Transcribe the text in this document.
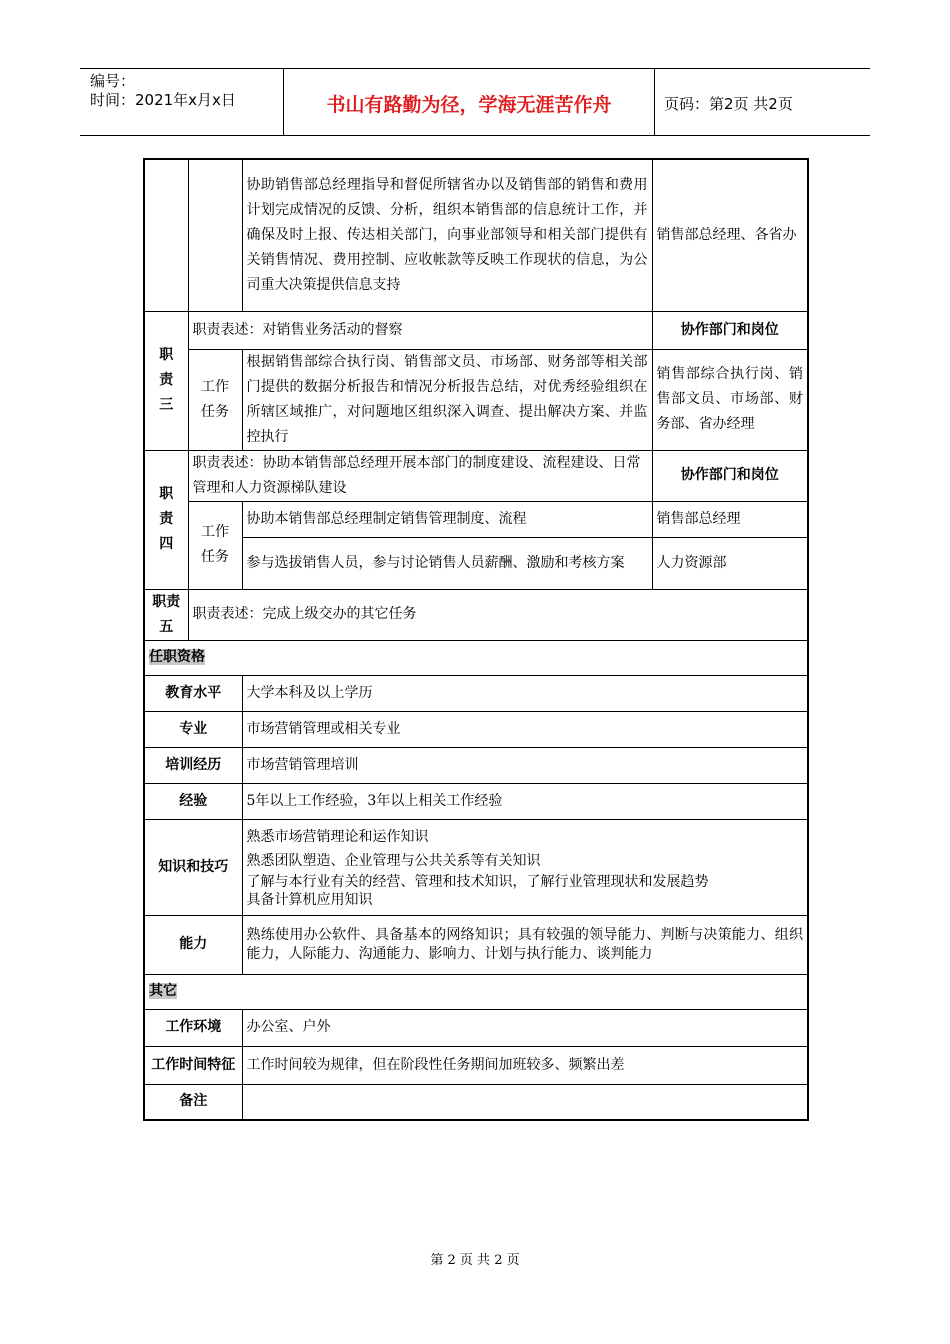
编号：
时间：2021年x月x日	书山有路勤为径，学海无涯苦作舟	页码：第2页 共2页
		协助销售部总经理指导和督促所辖省办以及销售部的销售和费用计划完成情况的反馈、分析，组织本销售部的信息统计工作，并确保及时上报、传达相关部门，向事业部领导和相关部门提供有关销售情况、费用控制、应收帐款等反映工作现状的信息，为公司重大决策提供信息支持	销售部总经理、各省办

职责三	职责表述：对销售业务活动的督察		协作部门和岗位

	工作任务	根据销售部综合执行岗、销售部文员、市场部、财务部等相关部门提供的数据分析报告和情况分析报告总结，对优秀经验组织在所辖区域推广，对问题地区组织深入调查、提出解决方案、并监控执行	销售部综合执行岗、销售部文员、市场部、财务部、省办经理

职责四	职责表述：协助本销售部总经理开展本部门的制度建设、流程建设、日常管理和人力资源梯队建设		协作部门和岗位

	工作任务	协助本销售部总经理制定销售管理制度、流程	销售部总经理
		参与选拔销售人员，参与讨论销售人员薪酬、激励和考核方案	人力资源部

职责五	职责表述：完成上级交办的其它任务		
任职资格			
教育水平		大学本科及以上学历	
专业		市场营销管理或相关专业	
培训经历		市场营销管理培训	
经验		5年以上工作经验，3年以上相关工作经验	
知识和技巧		熟悉市场营销理论和运作知识
熟悉团队塑造、企业管理与公共关系等有关知识
了解与本行业有关的经营、管理和技术知识，了解行业管理现状和发展趋势
具备计算机应用知识	

能力		熟练使用办公软件、具备基本的网络知识；具有较强的领导能力、判断与决策能力、组织能力，人际能力、沟通能力、影响力、计划与执行能力、谈判能力	
其它			
工作环境		办公室、户外	

工作时间特征		工作时间较为规律，但在阶段性任务期间加班较多、频繁出差	
备注			
第 2 页 共 2 页
